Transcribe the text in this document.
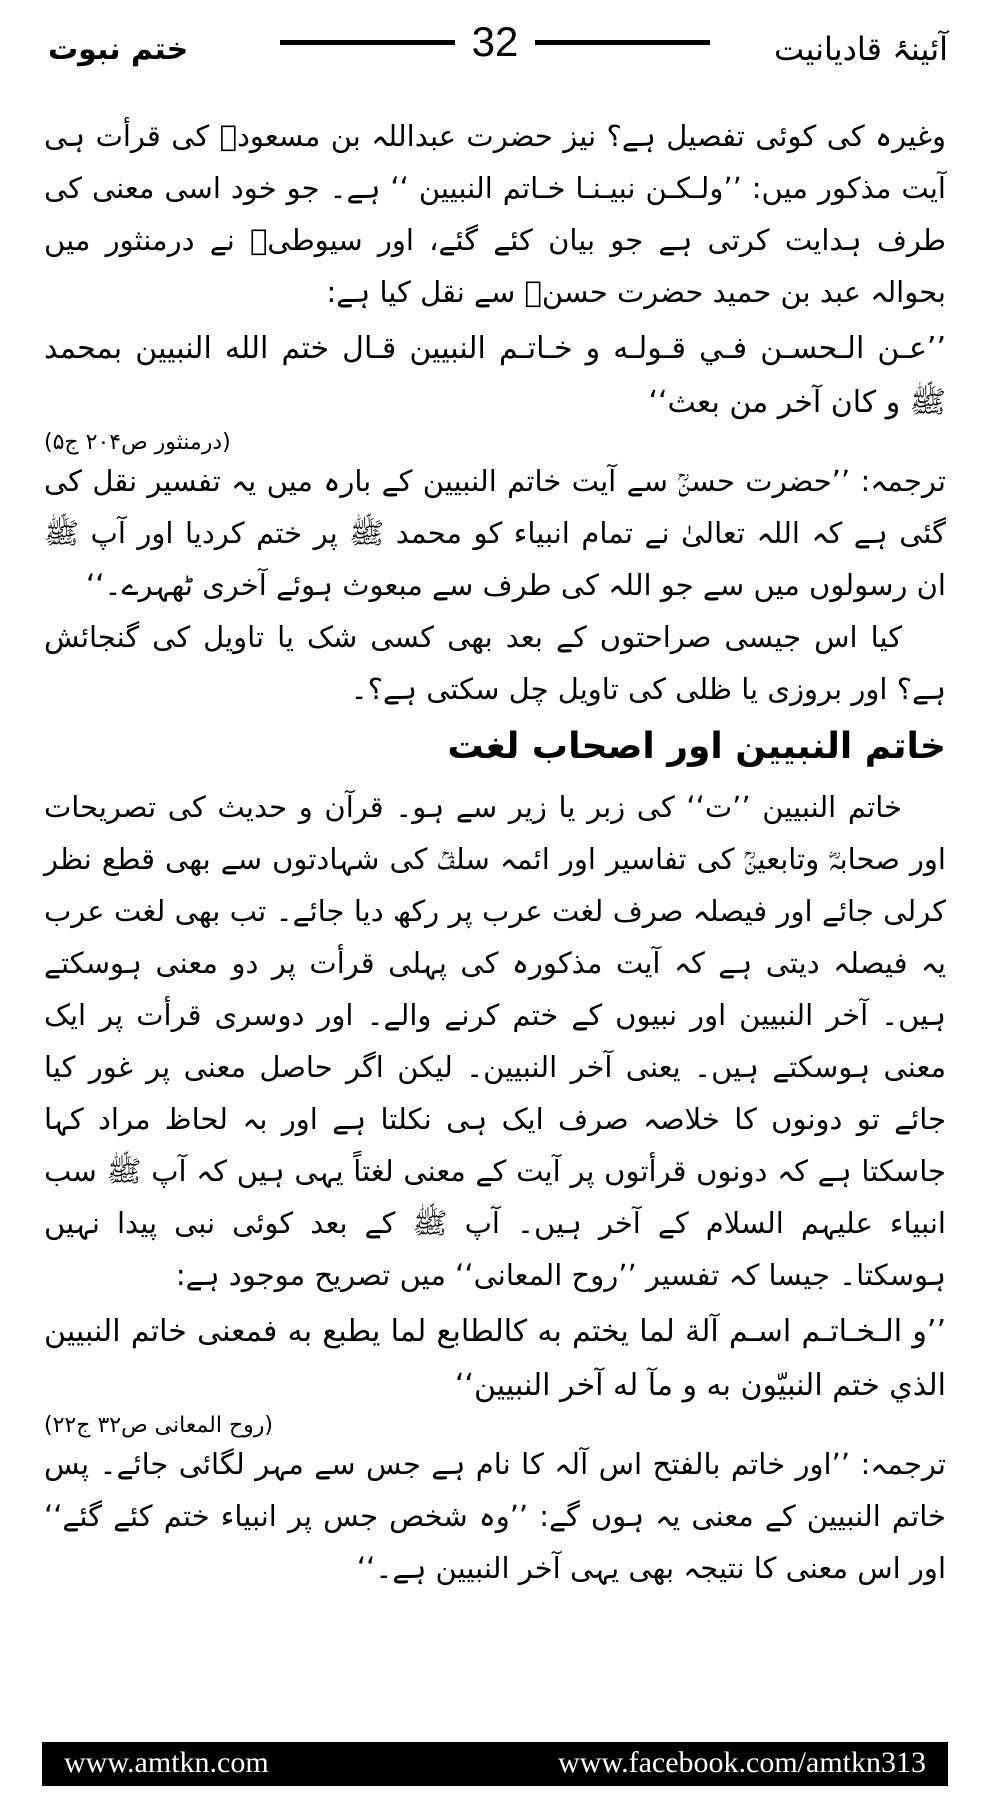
ختم نبوت	32	آئینۂ قادیانیت

وغیرہ کی کوئی تفصیل ہے؟ نیز حضرت عبداللہ بن مسعودؓ کی قرأت ہی آیت مذکور میں: ’’ولـكـن نبیـنـا خـاتم النبيين ‘‘ ہے۔ جو خود اسی معنی کی طرف ہدایت کرتی ہے جو بیان کئے گئے، اور سیوطیؒ نے درمنثور میں بحوالہ عبد بن حمید حضرت حسنؒ سے نقل کیا ہے:

’’عـن الـحسـن فـي قـولـه و خـاتـم النبيين قـال ختم الله النبيين بمحمد ﷺ و كان آخر من بعث‘‘

(درمنثور ص۲۰۴ ج۵)

ترجمہ: ’’حضرت حسنؒ سے آیت خاتم النبیین کے بارہ میں یہ تفسیر نقل کی گئی ہے کہ اللہ تعالیٰ نے تمام انبیاء کو محمد ﷺ پر ختم کردیا اور آپ ﷺ ان رسولوں میں سے جو اللہ کی طرف سے مبعوث ہوئے آخری ٹھہرے۔‘‘

کیا اس جیسی صراحتوں کے بعد بھی کسی شک یا تاویل کی گنجائش ہے؟ اور بروزی یا ظلی کی تاویل چل سکتی ہے؟۔

خاتم النبیین اور اصحاب لغت

خاتم النبیین ’’ت‘‘ کی زبر یا زیر سے ہو۔ قرآن و حدیث کی تصریحات اور صحابہؓ وتابعینؒ کی تفاسیر اور ائمہ سلفؒ کی شہادتوں سے بھی قطع نظر کرلی جائے اور فیصلہ صرف لغت عرب پر رکھ دیا جائے۔ تب بھی لغت عرب یہ فیصلہ دیتی ہے کہ آیت مذکورہ کی پہلی قرأت پر دو معنی ہوسکتے ہیں۔ آخر النبیین اور نبیوں کے ختم کرنے والے۔ اور دوسری قرأت پر ایک معنی ہوسکتے ہیں۔ یعنی آخر النبیین۔ لیکن اگر حاصل معنی پر غور کیا جائے تو دونوں کا خلاصہ صرف ایک ہی نکلتا ہے اور بہ لحاظ مراد کہا جاسکتا ہے کہ دونوں قرأتوں پر آیت کے معنی لغتاً یہی ہیں کہ آپ ﷺ سب انبیاء علیہم السلام کے آخر ہیں۔ آپ ﷺ کے بعد کوئی نبی پیدا نہیں ہوسکتا۔ جیسا کہ تفسیر ’’روح المعانی‘‘ میں تصریح موجود ہے:

’’و الـخـاتـم اسـم آلة لما يختم به كالطابع لما يطبع به فمعنى خاتم النبيين الذي ختم النبيّون به و مآ له آخر النبيين‘‘

(روح المعانی ص۳۲ ج۲۲)

ترجمہ: ’’اور خاتم بالفتح اس آلہ کا نام ہے جس سے مہر لگائی جائے۔ پس خاتم النبیین کے معنی یہ ہوں گے: ’’وہ شخص جس پر انبیاء ختم کئے گئے‘‘ اور اس معنی کا نتیجہ بھی یہی آخر النبیین ہے۔‘‘

www.amtkn.com	www.facebook.com/amtkn313
